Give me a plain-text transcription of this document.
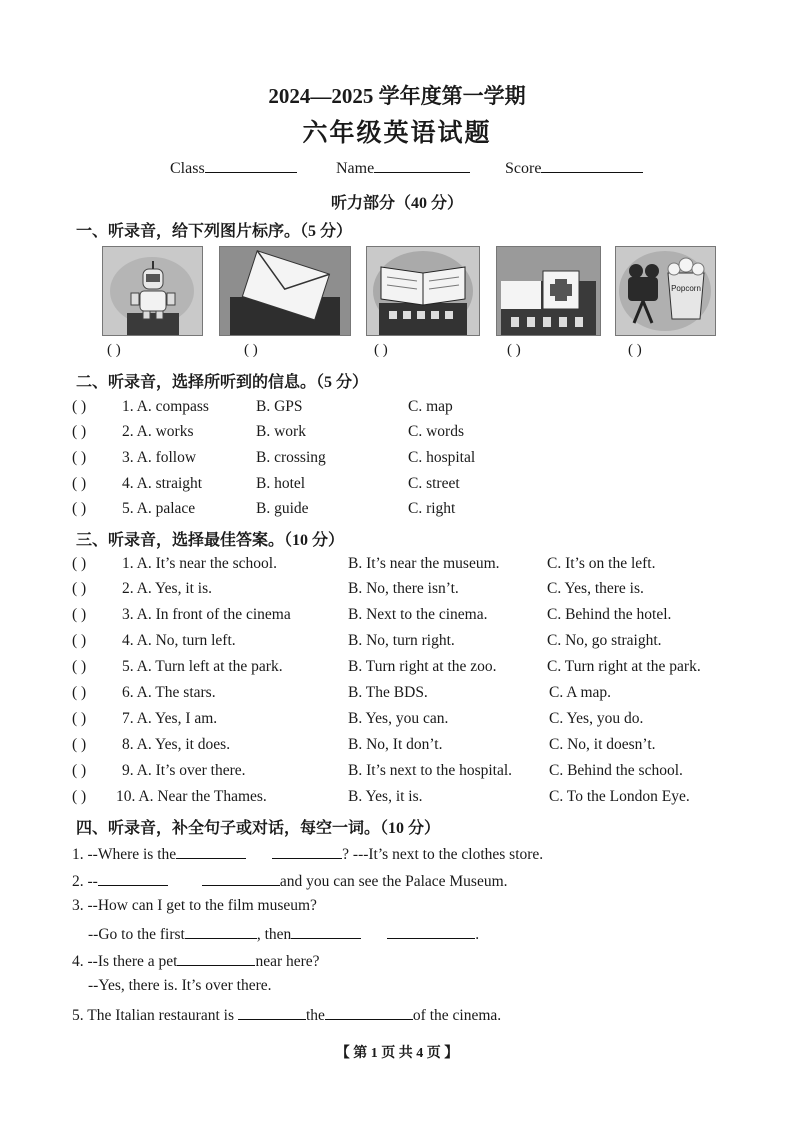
2024—2025 学年度第一学期
六年级英语试题
Class	Name	Score
听力部分（40 分）
一、听录音，给下列图片标序。（5 分）
Popcorn
( )	( )	( )	( )	( )
二、听录音，选择所听到的信息。（5 分）
( ) 1. A. compass	B. GPS	C. map
( ) 2. A. works	B. work	C. words
( ) 3. A. follow	B. crossing	C. hospital
( ) 4. A. straight	B. hotel	C. street
( ) 5. A. palace	B. guide	C. right
三、听录音，选择最佳答案。（10 分）
( ) 1. A. It’s near the school.	B. It’s near the museum.	C. It’s on the left.
( ) 2. A. Yes, it is.	B. No, there isn’t.	C. Yes, there is.
( ) 3. A. In front of the cinema	B. Next to the cinema.	C. Behind the hotel.
( ) 4. A. No, turn left.	B. No, turn right.	C. No, go straight.
( ) 5. A. Turn left at the park.	B. Turn right at the zoo.	C. Turn right at the park.
( ) 6. A. The stars.	B. The BDS.	C. A map.
( ) 7. A. Yes, I am.	B. Yes, you can.	C. Yes, you do.
( ) 8. A. Yes, it does.	B. No, It don’t.	C. No, it doesn’t.
( ) 9. A. It’s over there.	B. It’s next to the hospital. C. Behind the school.
( ) 10. A. Near the Thames.	B. Yes, it is.	C. To the London Eye.
四、听录音，补全句子或对话，每空一词。（10 分）
1. --Where is the	? ---It’s next to the clothes store.
2. --	and you can see the Palace Museum.
3. --How can I get to the film museum?
--Go to the first	, then	.
4. --Is there a pet	near here?
--Yes, there is. It’s over there.
5. The Italian restaurant is	the	of the cinema.
【 第 1 页 共 4 页 】
